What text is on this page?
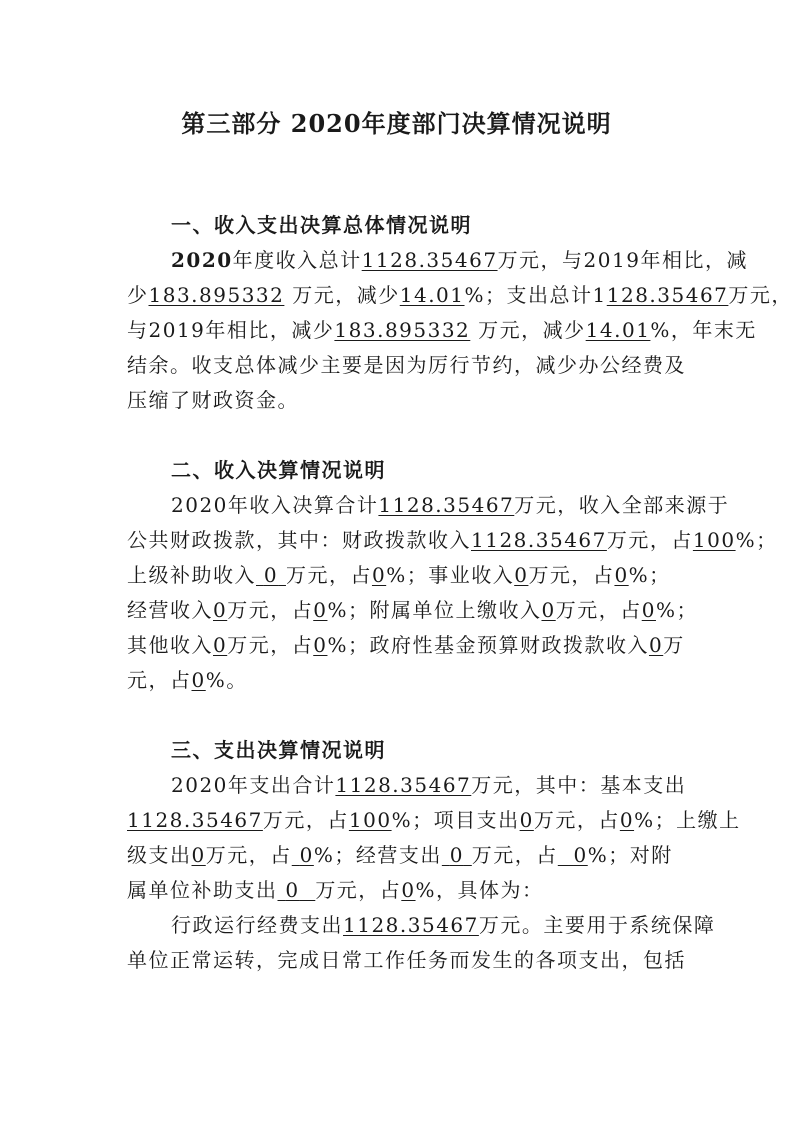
第三部分 2020年度部门决算情况说明
一、收入支出决算总体情况说明
2020年度收入总计1128.35467万元，与2019年相比，减
少183.895332 万元，减少14.01%；支出总计1128.35467万元，
与2019年相比，减少183.895332 万元，减少14.01%，年末无
结余。收支总体减少主要是因为厉行节约，减少办公经费及
压缩了财政资金。
二、收入决算情况说明
2020年收入决算合计1128.35467万元，收入全部来源于
公共财政拨款，其中：财政拨款收入1128.35467万元，占100%；
上级补助收入 0 万元，占0%；事业收入0万元，占0%；
经营收入0万元，占0%；附属单位上缴收入0万元，占0%；
其他收入0万元，占0%；政府性基金预算财政拨款收入0万
元，占0%。
三、支出决算情况说明
2020年支出合计1128.35467万元，其中：基本支出
1128.35467万元，占100%；项目支出0万元，占0%；上缴上
级支出0万元，占 0%；经营支出 0 万元，占 0%；对附
属单位补助支出 0 万元，占0%，具体为：
行政运行经费支出1128.35467万元。主要用于系统保障
单位正常运转，完成日常工作任务而发生的各项支出，包括
